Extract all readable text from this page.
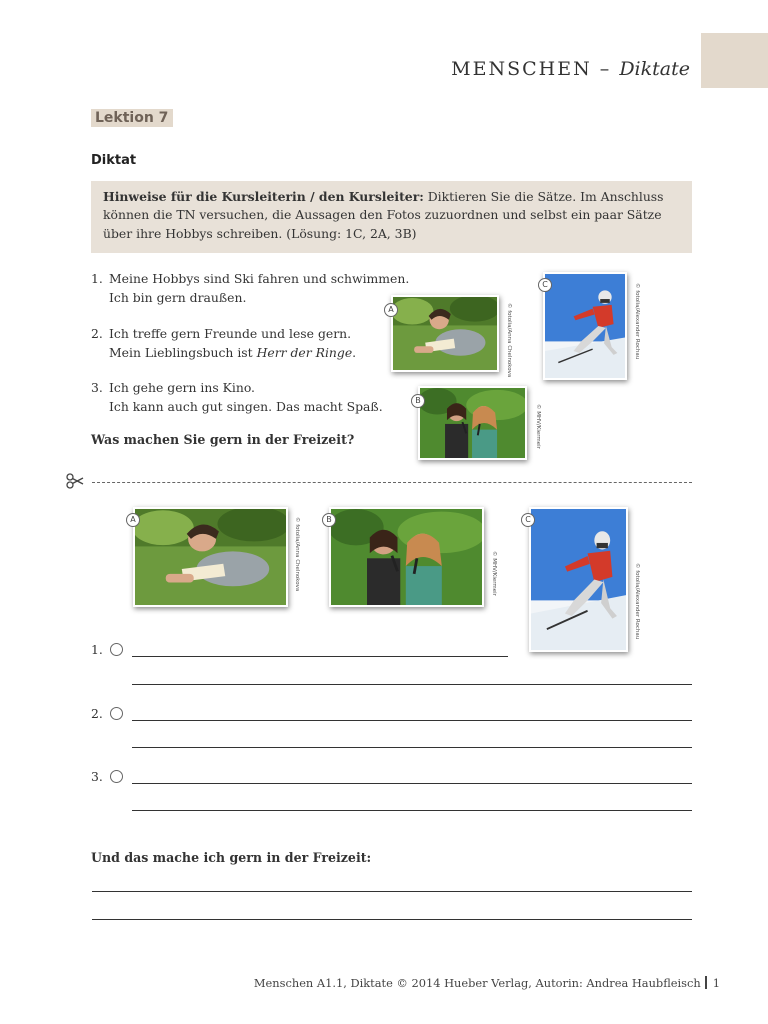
MENSCHEN – Diktate
Lektion 7
Diktat
Hinweise für die Kursleiterin / den Kursleiter: Diktieren Sie die Sätze. Im Anschluss können die TN versuchen, die Aussagen den Fotos zuzuordnen und selbst ein paar Sätze über ihre Hobbys schreiben. (Lösung: 1C, 2A, 3B)
1. Meine Hobbys sind Ski fahren und schwimmen.
Ich bin gern draußen.
2. Ich treffe gern Freunde und lese gern.
Mein Lieblingsbuch ist Herr der Ringe.
3. Ich gehe gern ins Kino.
Ich kann auch gut singen. Das macht Spaß.
Was machen Sie gern in der Freizeit?
A	© fotolia/Anna Chelnokova
C	© fotolia/Alexander Rochau
B
© MHV/Kiermeir
A	© fotolia/Anna Chelnokova	B
© MHV/Kiermeir
C
© fotolia/Alexander Rochau
1.
2.
3.
Und das mache ich gern in der Freizeit:
Menschen A1.1, Diktate © 2014 Hueber Verlag, Autorin: Andrea Haubfleisch 1
